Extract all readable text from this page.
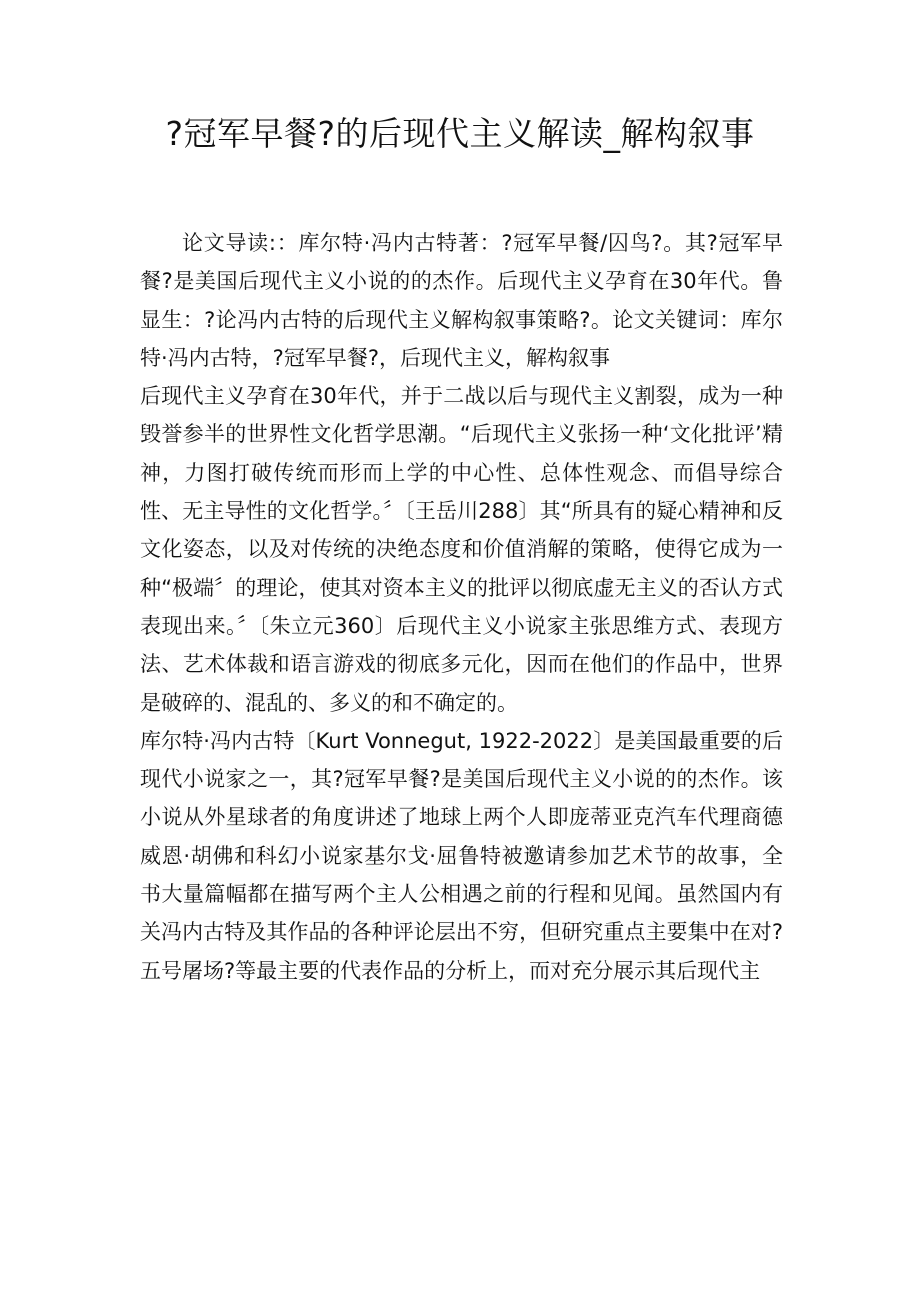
?冠军早餐?的后现代主义解读_解构叙事

论文导读:：库尔特·冯内古特著：?冠军早餐/囚鸟?。其?冠军早餐?是美国后现代主义小说的的杰作。后现代主义孕育在30年代。鲁显生：?论冯内古特的后现代主义解构叙事策略?。论文关键词：库尔特·冯内古特，?冠军早餐?，后现代主义，解构叙事

后现代主义孕育在30年代，并于二战以后与现代主义割裂，成为一种毁誉参半的世界性文化哲学思潮。“后现代主义张扬一种‘文化批评’精神，力图打破传统而形而上学的中心性、总体性观念、而倡导综合性、无主导性的文化哲学。〞〔王岳川288〕其“所具有的疑心精神和反文化姿态，以及对传统的决绝态度和价值消解的策略，使得它成为一种“极端〞的理论，使其对资本主义的批评以彻底虚无主义的否认方式表现出来。〞〔朱立元360〕后现代主义小说家主张思维方式、表现方法、艺术体裁和语言游戏的彻底多元化，因而在他们的作品中，世界是破碎的、混乱的、多义的和不确定的。

库尔特·冯内古特〔Kurt Vonnegut, 1922-2022〕是美国最重要的后现代小说家之一，其?冠军早餐?是美国后现代主义小说的的杰作。该小说从外星球者的角度讲述了地球上两个人即庞蒂亚克汽车代理商德威恩·胡佛和科幻小说家基尔戈·屈鲁特被邀请参加艺术节的故事，全书大量篇幅都在描写两个主人公相遇之前的行程和见闻。虽然国内有关冯内古特及其作品的各种评论层出不穷，但研究重点主要集中在对?五号屠场?等最主要的代表作品的分析上，而对充分展示其后现代主
